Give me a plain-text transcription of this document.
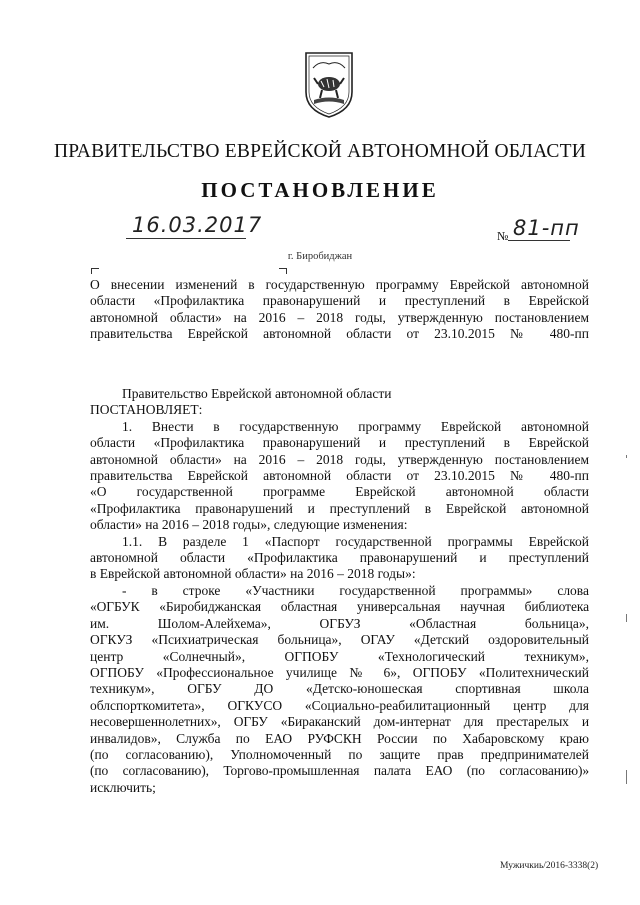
ПРАВИТЕЛЬСТВО ЕВРЕЙСКОЙ АВТОНОМНОЙ ОБЛАСТИ
ПОСТАНОВЛЕНИЕ
16.03.2017	№ 81-пп
г. Биробиджан

О внесении изменений в государственную программу Еврейской автономной

области «Профилактика правонарушений и преступлений в Еврейской

автономной области» на 2016 – 2018 годы, утвержденную постановлением

правительства Еврейской автономной области от 23.10.2015 № 480-пп

Правительство Еврейской автономной области

ПОСТАНОВЛЯЕТ:

1. Внести в государственную программу Еврейской автономной

области «Профилактика правонарушений и преступлений в Еврейской

автономной области» на 2016 – 2018 годы, утвержденную постановлением

правительства Еврейской автономной области от 23.10.2015 № 480-пп

«О государственной программе Еврейской автономной области

«Профилактика правонарушений и преступлений в Еврейской автономной

области» на 2016 – 2018 годы», следующие изменения:

1.1. В разделе 1 «Паспорт государственной программы Еврейской

автономной области «Профилактика правонарушений и преступлений

в Еврейской автономной области» на 2016 – 2018 годы»:

- в строке «Участники государственной программы» слова

«ОГБУК «Биробиджанская областная универсальная научная библиотека

им. Шолом-Алейхема», ОГБУЗ «Областная больница»,

ОГКУЗ «Психиатрическая больница», ОГАУ «Детский оздоровительный

центр «Солнечный», ОГПОБУ «Технологический техникум»,

ОГПОБУ «Профессиональное училище № 6», ОГПОБУ «Политехнический

техникум», ОГБУ ДО «Детско-юношеская спортивная школа

облспорткомитета», ОГКУСО «Социально-реабилитационный центр для

несовершеннолетних», ОГБУ «Бираканский дом-интернат для престарелых и

инвалидов», Служба по ЕАО РУФСКН России по Хабаровскому краю

(по согласованию), Уполномоченный по защите прав предпринимателей

(по согласованию), Торгово-промышленная палата ЕАО (по согласованию)»

исключить;

Мужичкиь/2016-3338(2)
